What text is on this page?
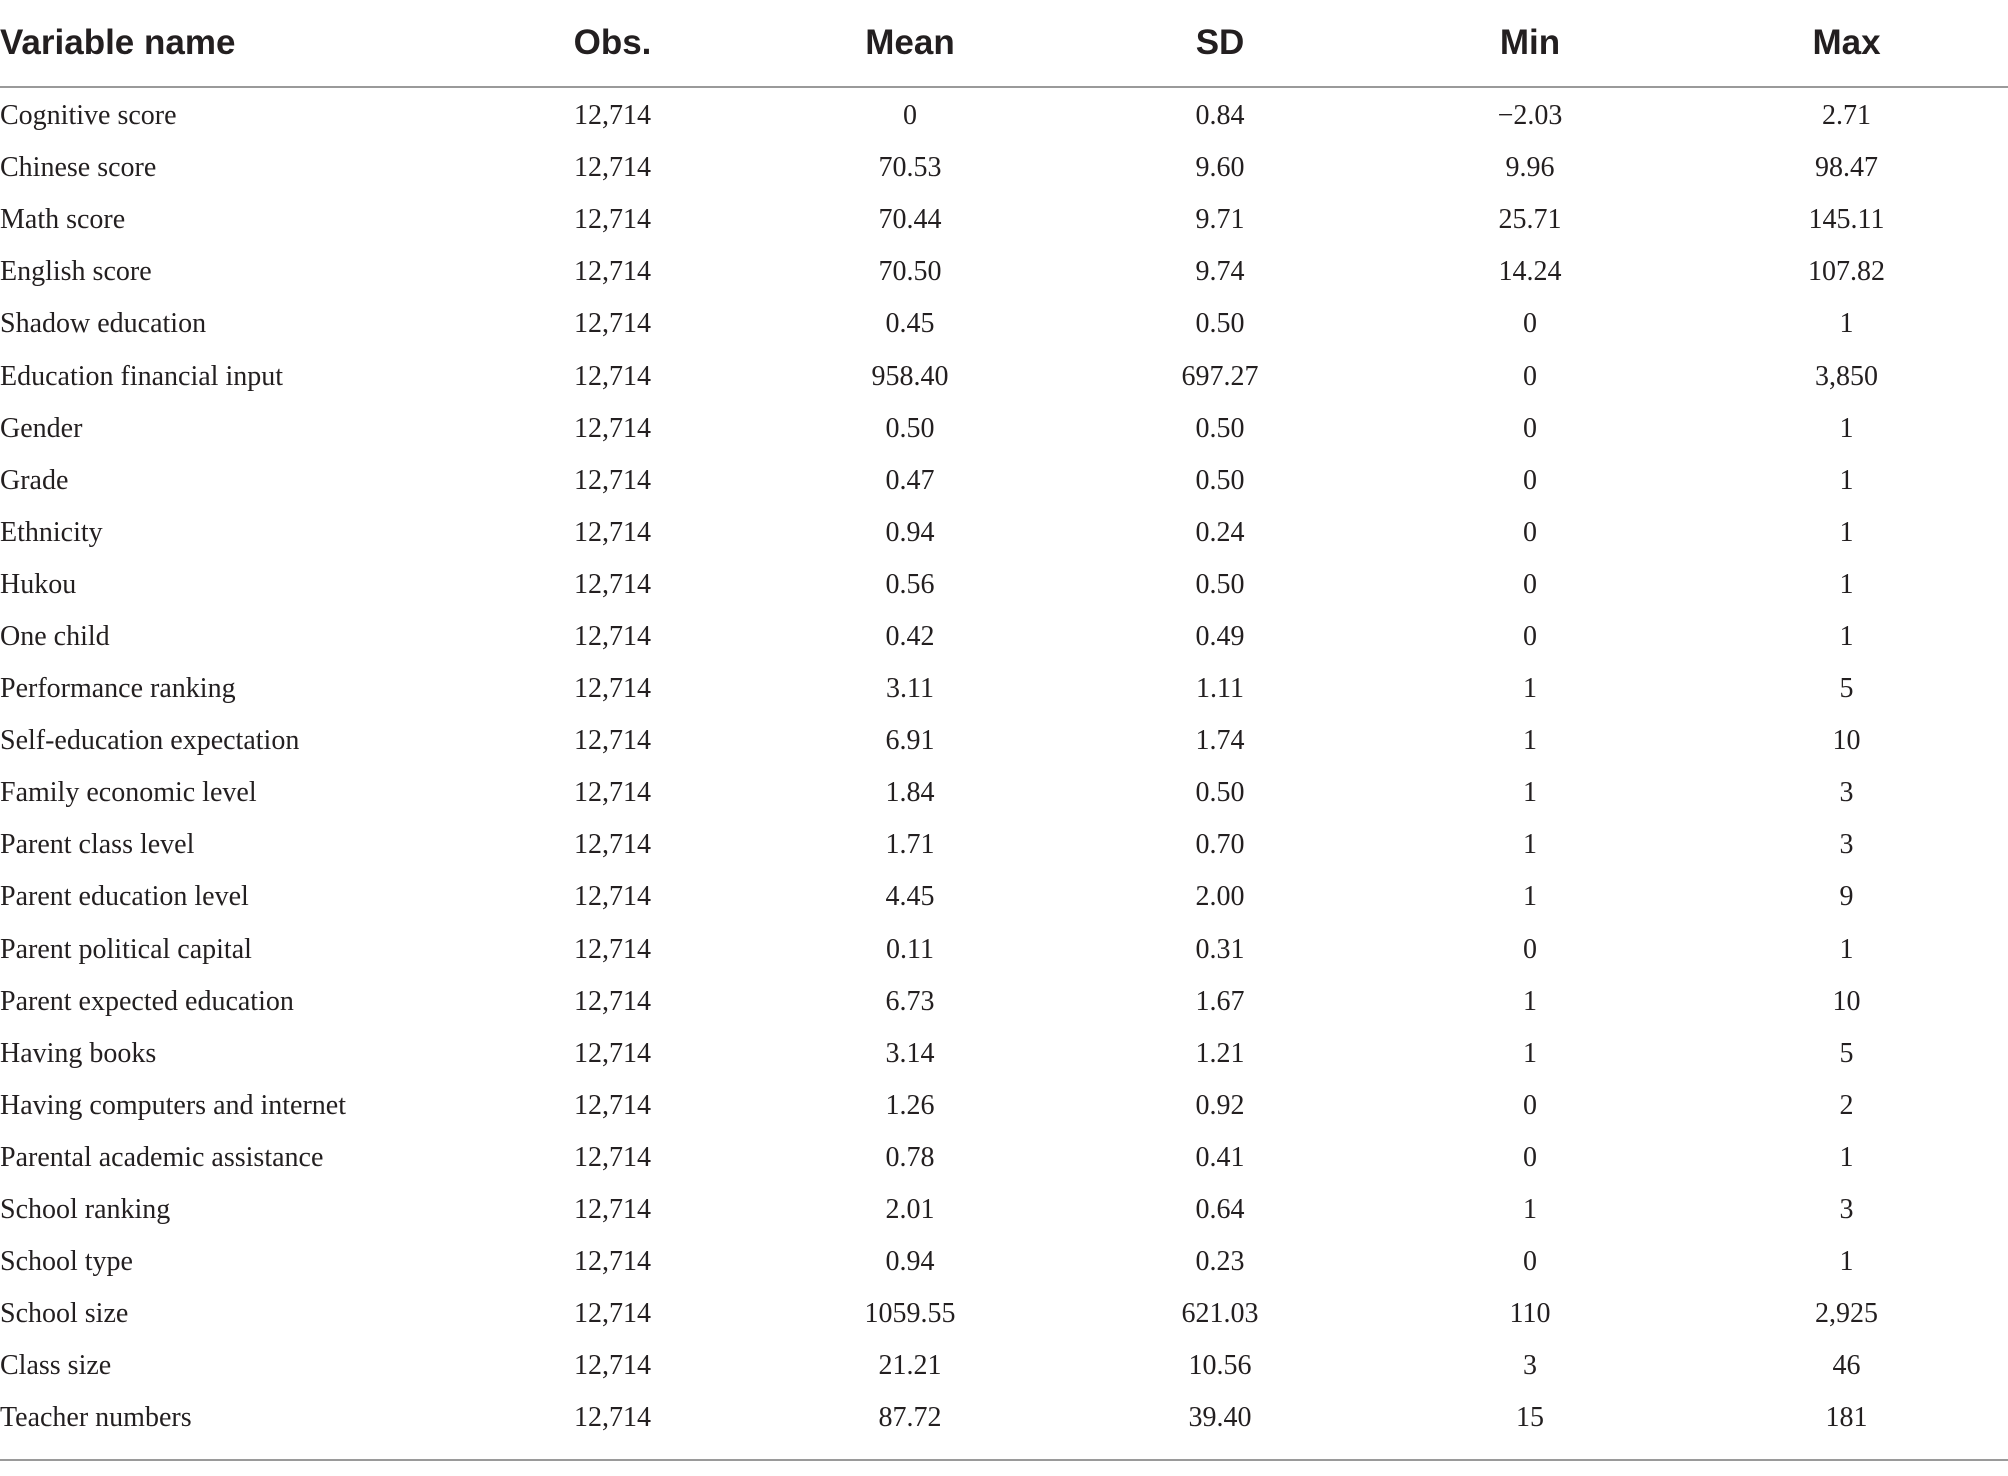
Variable name	Obs.	Mean	SD	Min	Max
Cognitive score	12,714	0	0.84	−2.03	2.71
Chinese score	12,714	70.53	9.60	9.96	98.47
Math score	12,714	70.44	9.71	25.71	145.11
English score	12,714	70.50	9.74	14.24	107.82
Shadow education	12,714	0.45	0.50	0	1
Education financial input	12,714	958.40	697.27	0	3,850
Gender	12,714	0.50	0.50	0	1
Grade	12,714	0.47	0.50	0	1
Ethnicity	12,714	0.94	0.24	0	1
Hukou	12,714	0.56	0.50	0	1
One child	12,714	0.42	0.49	0	1
Performance ranking	12,714	3.11	1.11	1	5
Self-education expectation	12,714	6.91	1.74	1	10
Family economic level	12,714	1.84	0.50	1	3
Parent class level	12,714	1.71	0.70	1	3
Parent education level	12,714	4.45	2.00	1	9
Parent political capital	12,714	0.11	0.31	0	1
Parent expected education	12,714	6.73	1.67	1	10
Having books	12,714	3.14	1.21	1	5
Having computers and internet	12,714	1.26	0.92	0	2
Parental academic assistance	12,714	0.78	0.41	0	1
School ranking	12,714	2.01	0.64	1	3
School type	12,714	0.94	0.23	0	1
School size	12,714	1059.55	621.03	110	2,925
Class size	12,714	21.21	10.56	3	46
Teacher numbers	12,714	87.72	39.40	15	181
